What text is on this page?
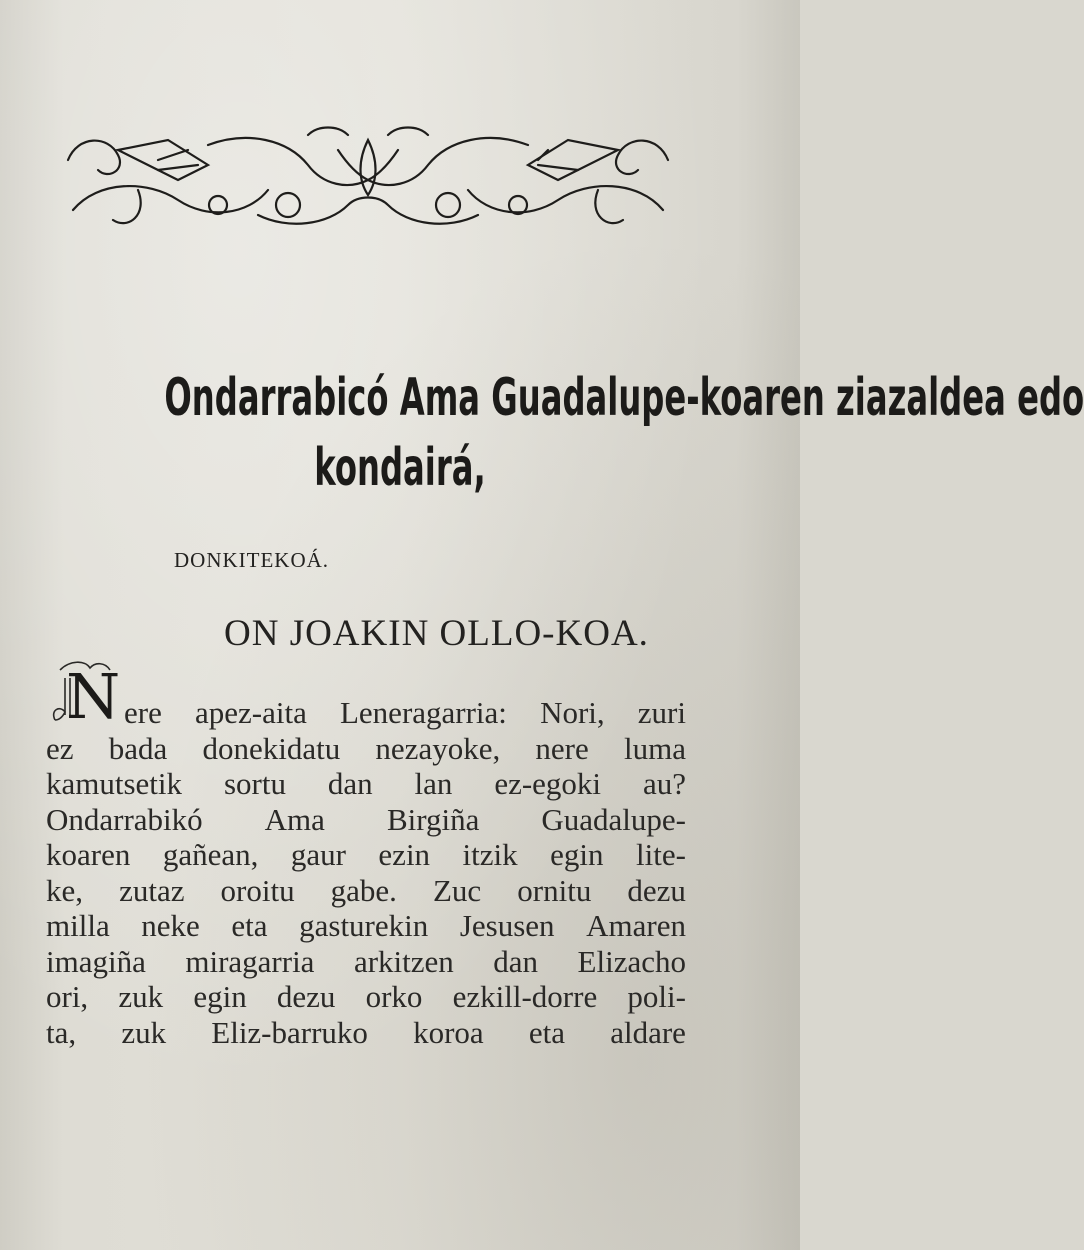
Ondarrabicó Ama Guadalupe-koaren ziazaldea edo
kondairá,
DONKITEKOÁ.
ON JOAKIN OLLO-KOA.
N ere apez-aita Leneragarria: Nori, zuri
ez bada donekidatu nezayoke, nere luma
kamutsetik sortu dan lan ez-egoki au?
Ondarrabikó Ama Birgiña Guadalupe-
koaren gañean, gaur ezin itzik egin lite-
ke, zutaz oroitu gabe. Zuc ornitu dezu
milla neke eta gasturekin Jesusen Amaren
imagiña miragarria arkitzen dan Elizacho
ori, zuk egin dezu orko ezkill-dorre poli-
ta, zuk Eliz-barruko koroa eta aldare
